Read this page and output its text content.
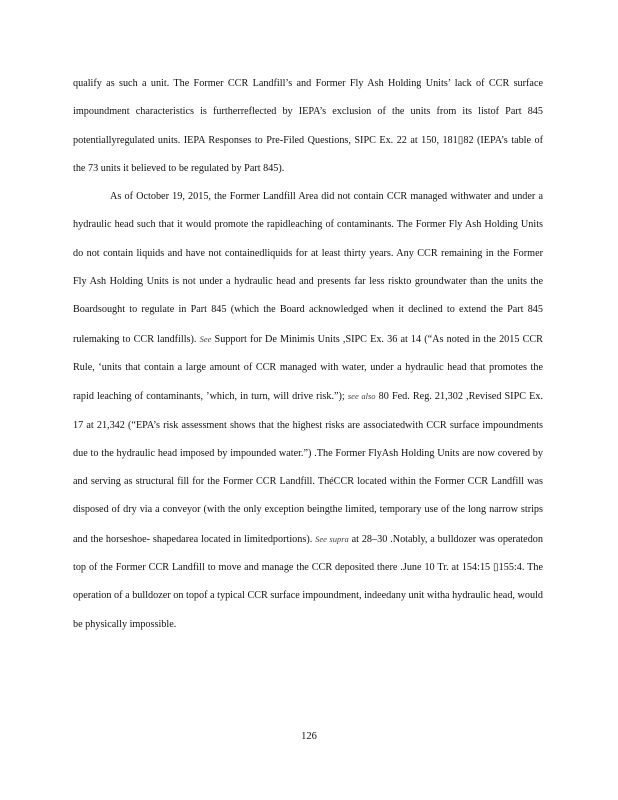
qualify as such a unit. The Former CCR Landfill’s and Former Fly Ash Holding Units’ lack of CCR surface impoundment characteristics is furtherreflected by IEPA’s exclusion of the units from its listof Part 845 potentiallyregulated units. IEPA Responses to Pre-Filed Questions, SIPC Ex. 22 at 150, 181▯82 (IEPA’s table of the 73 units it believed to be regulated by Part 845).

As of October 19, 2015, the Former Landfill Area did not contain CCR managed withwater and under a hydraulic head such that it would promote the rapidleaching of contaminants. The Former Fly Ash Holding Units do not contain liquids and have not containedliquids for at least thirty years. Any CCR remaining in the Former Fly Ash Holding Units is not under a hydraulic head and presents far less riskto groundwater than the units the Boardsought to regulate in Part 845 (which the Board acknowledged when it declined to extend the Part 845 rulemaking to CCR landfills). See Support for De Minimis Units ,SIPC Ex. 36 at 14 (“As noted in the 2015 CCR Rule, ‘units that contain a large amount of CCR managed with water, under a hydraulic head that promotes the rapid leaching of contaminants, ’which, in turn, will drive risk.”); see also 80 Fed. Reg. 21,302 ,Revised SIPC Ex. 17 at 21,342 (“EPA’s risk assessment shows that the highest risks are associatedwith CCR surface impoundments due to the hydraulic head imposed by impounded water.”) .The Former FlyAsh Holding Units are now covered by and serving as structural fill for the Former CCR Landfill. ThéCCR located within the Former CCR Landfill was disposed of dry via a conveyor (with the only exception beingthe limited, temporary use of the long narrow strips and the horseshoe- shapedarea located in limitedportions). See supra at 28–30 .Notably, a bulldozer was operatedon top of the Former CCR Landfill to move and manage the CCR deposited there .June 10 Tr. at 154:15 ▯155:4. The operation of a bulldozer on topof a typical CCR surface impoundment, indeedany unit witha hydraulic head, would be physically impossible.

126
